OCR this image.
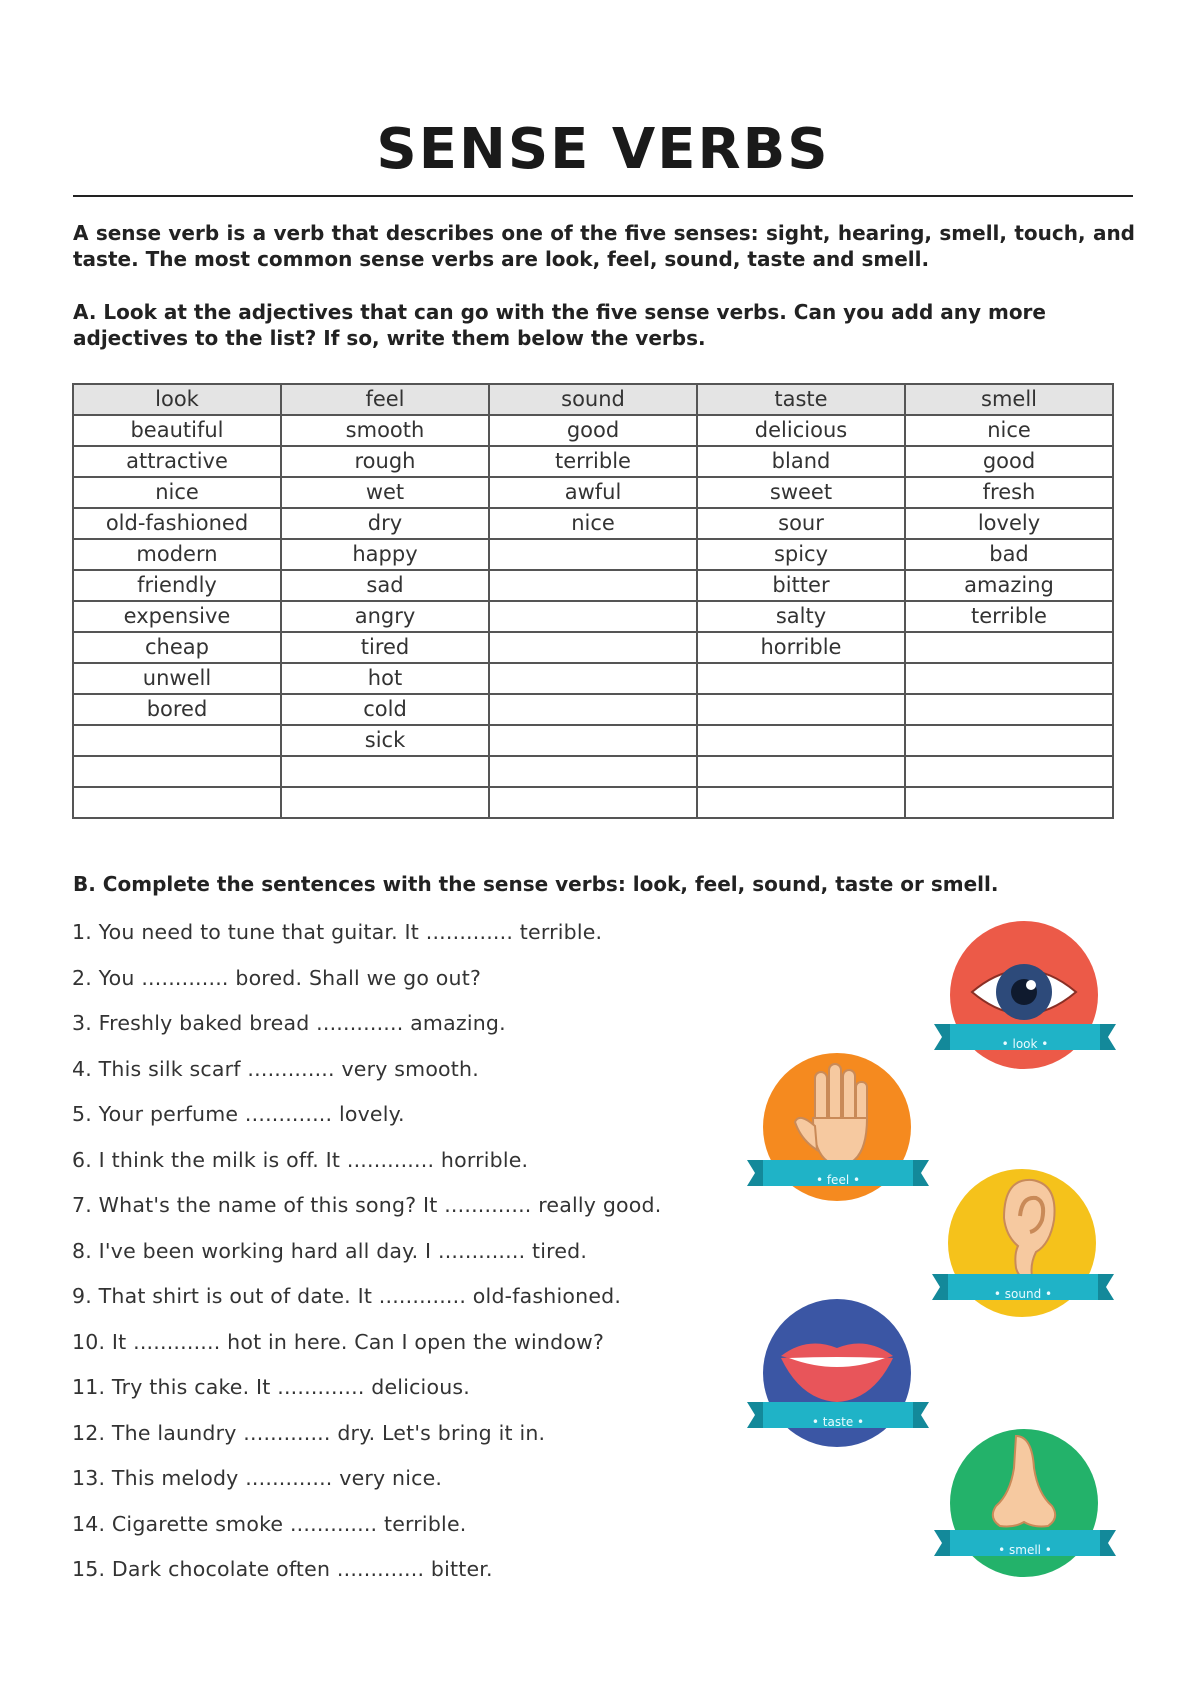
SENSE VERBS

A sense verb is a verb that describes one of the five senses: sight, hearing, smell, touch, and taste. The most common sense verbs are look, feel, sound, taste and smell.

A. Look at the adjectives that can go with the five sense verbs. Can you add any more adjectives to the list? If so, write them below the verbs.

look	feel	sound	taste	smell
beautiful	smooth	good	delicious	nice
attractive	rough	terrible	bland	good
nice	wet	awful	sweet	fresh
old-fashioned	dry	nice	sour	lovely
modern	happy		spicy	bad
friendly	sad		bitter	amazing
expensive	angry		salty	terrible
cheap	tired		horrible	
unwell	hot			
bored	cold			
	sick			

B. Complete the sentences with the sense verbs: look, feel, sound, taste or smell.

1. You need to tune that guitar. It ............. terrible.
2. You ............. bored. Shall we go out?
3. Freshly baked bread ............. amazing.
4. This silk scarf ............. very smooth.
5. Your perfume ............. lovely.
6. I think the milk is off. It ............. horrible.
7. What's the name of this song? It ............. really good.
8. I've been working hard all day. I ............. tired.
9. That shirt is out of date. It ............. old-fashioned.
10. It ............. hot in here. Can I open the window?
11. Try this cake. It ............. delicious.
12. The laundry ............. dry. Let's bring it in.
13. This melody ............. very nice.
14. Cigarette smoke ............. terrible.
15. Dark chocolate often ............. bitter.
• look •
• feel •
• sound •
• taste •
• smell •
